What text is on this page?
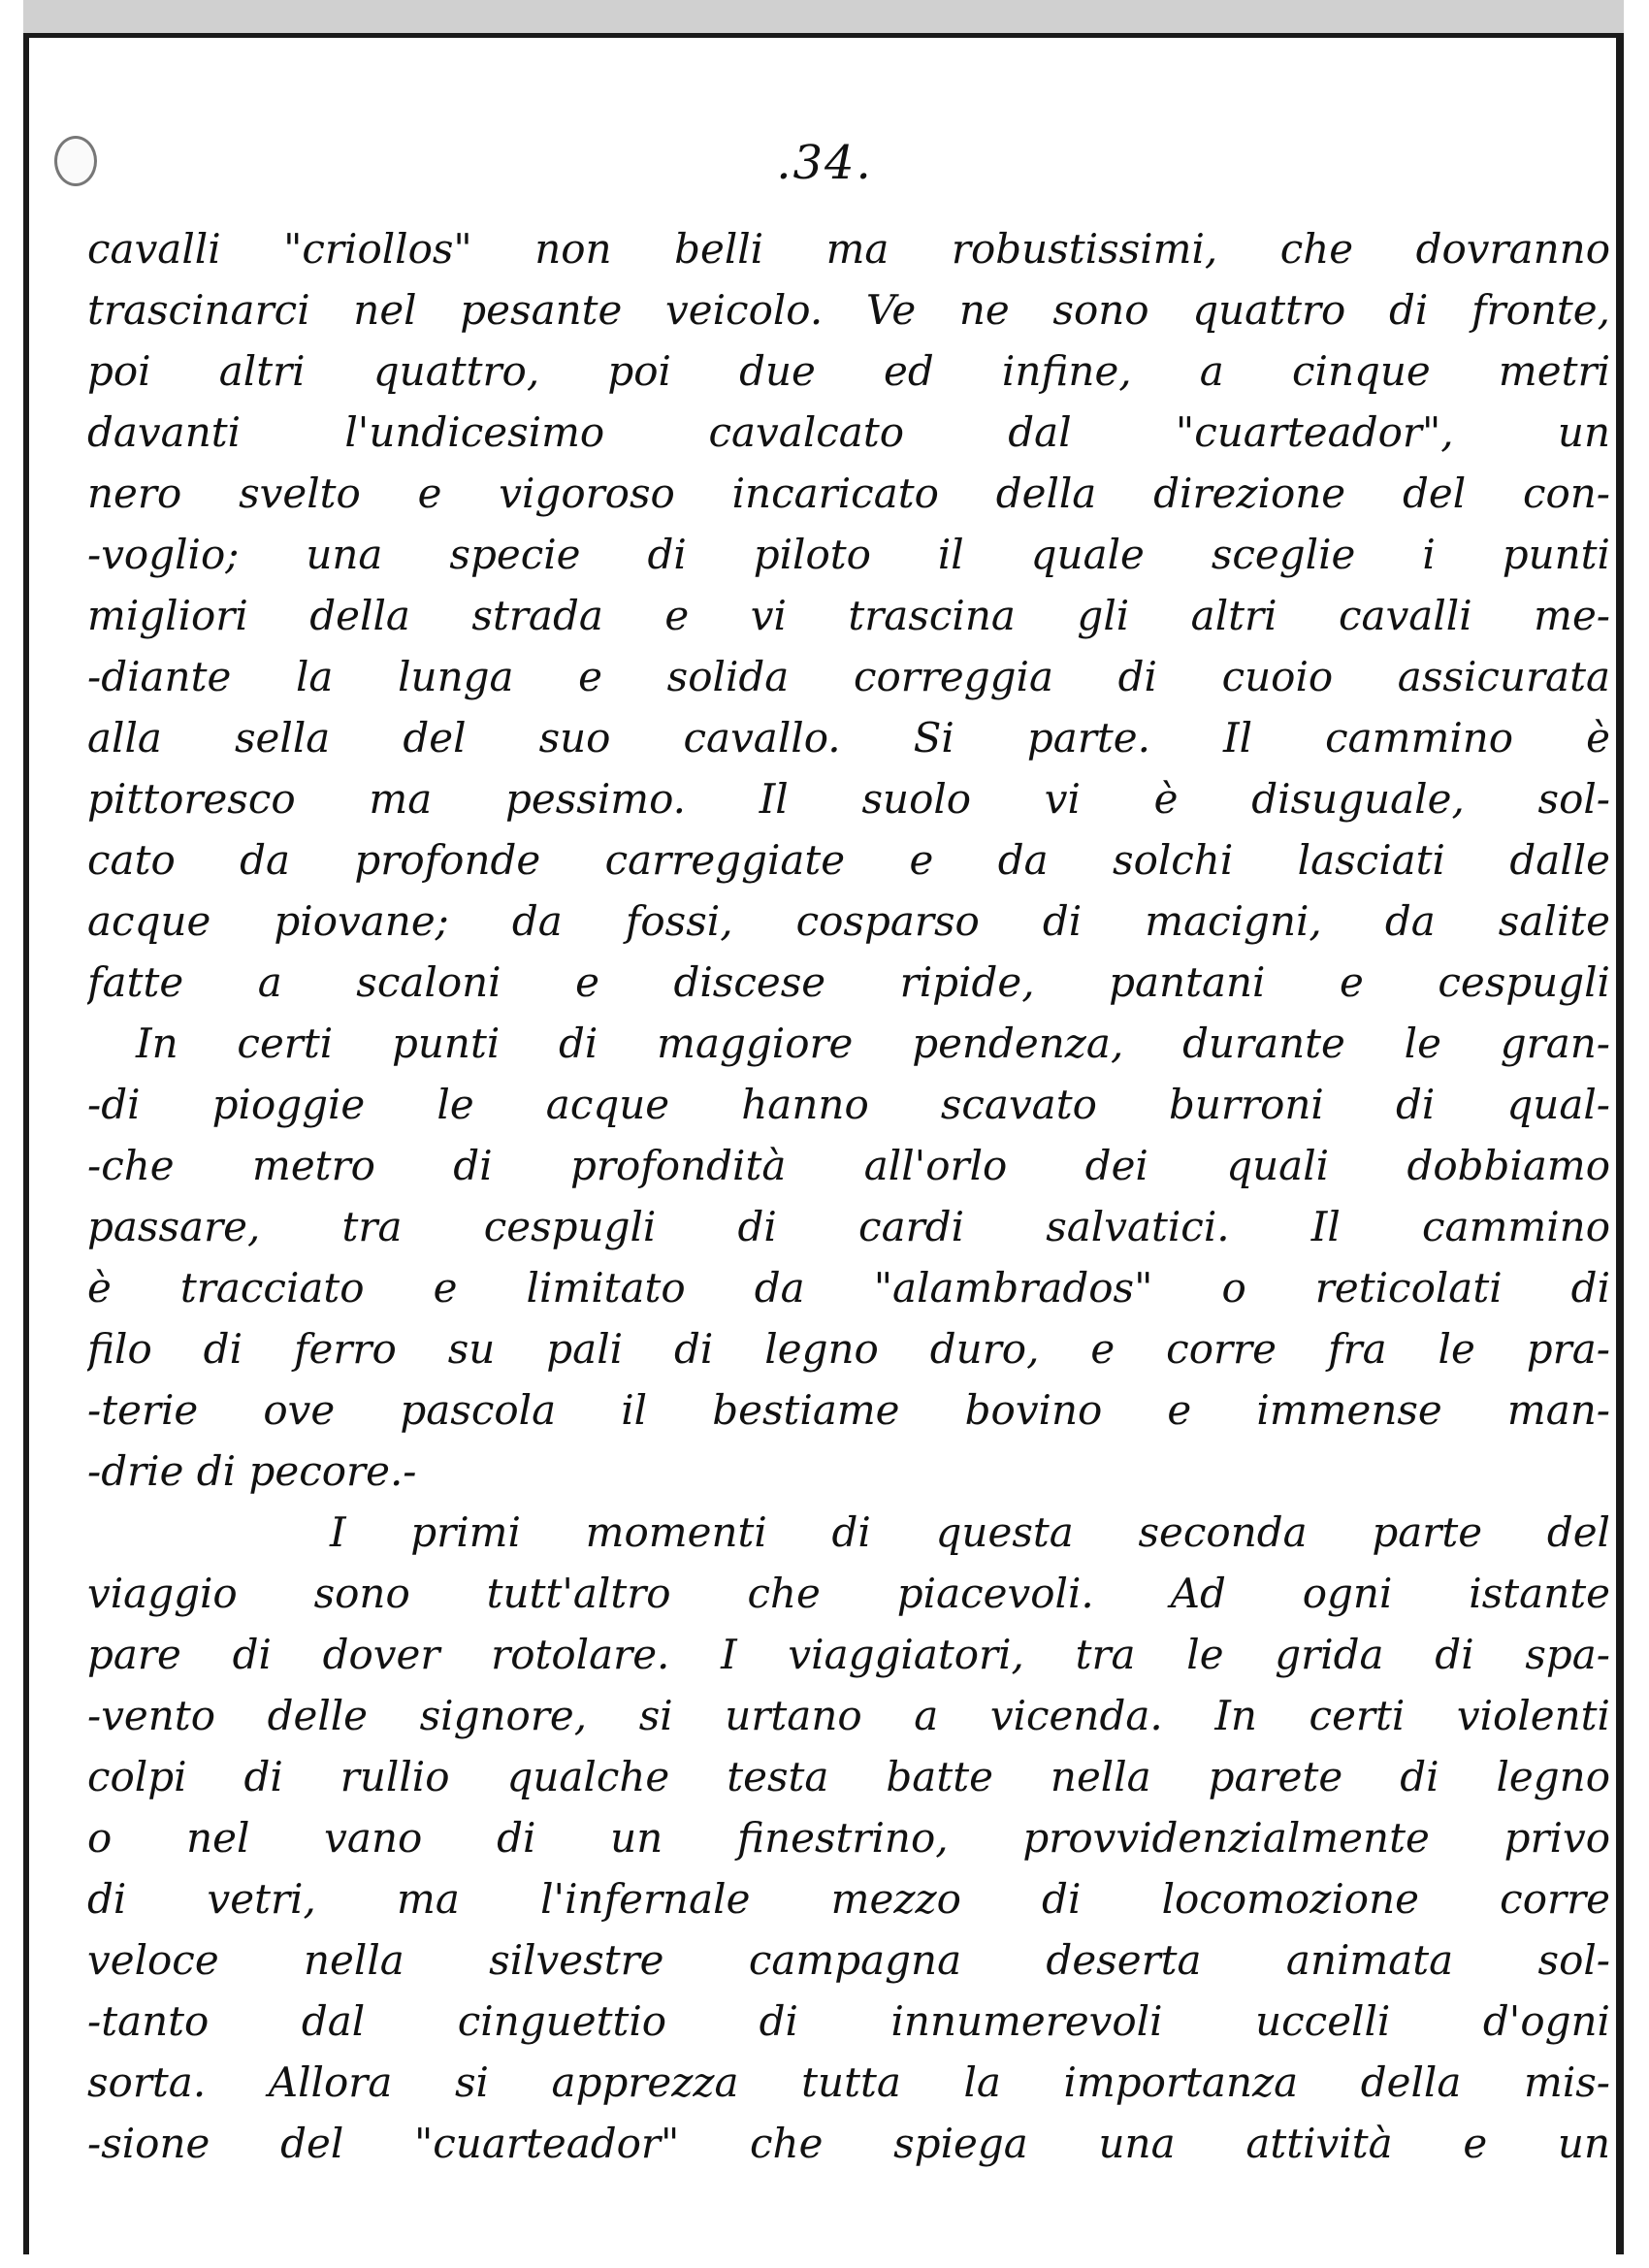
.34.
cavalli "criollos" non belli ma robustissimi, che dovranno
trascinarci nel pesante veicolo. Ve ne sono quattro di fronte,
poi altri quattro, poi due ed infine, a cinque metri
davanti l'undicesimo cavalcato dal "cuarteador", un
nero svelto e vigoroso incaricato della direzione del con-
-voglio; una specie di piloto il quale sceglie i punti
migliori della strada e vi trascina gli altri cavalli me-
-diante la lunga e solida correggia di cuoio assicurata
alla sella del suo cavallo. Si parte. Il cammino è
pittoresco ma pessimo. Il suolo vi è disuguale, sol-
cato da profonde carreggiate e da solchi lasciati dalle
acque piovane; da fossi, cosparso di macigni, da salite
fatte a scaloni e discese ripide, pantani e cespugli
In certi punti di maggiore pendenza, durante le gran-
-di pioggie le acque hanno scavato burroni di qual-
-che metro di profondità all'orlo dei quali dobbiamo
passare, tra cespugli di cardi salvatici. Il cammino
è tracciato e limitato da "alambrados" o reticolati di
filo di ferro su pali di legno duro, e corre fra le pra-
-terie ove pascola il bestiame bovino e immense man-
-drie di pecore.-
I primi momenti di questa seconda parte del
viaggio sono tutt'altro che piacevoli. Ad ogni istante
pare di dover rotolare. I viaggiatori, tra le grida di spa-
-vento delle signore, si urtano a vicenda. In certi violenti
colpi di rullio qualche testa batte nella parete di legno
o nel vano di un finestrino, provvidenzialmente privo
di vetri, ma l'infernale mezzo di locomozione corre
veloce nella silvestre campagna deserta animata sol-
-tanto dal cinguettio di innumerevoli uccelli d'ogni
sorta. Allora si apprezza tutta la importanza della mis-
-sione del "cuarteador" che spiega una attività e un
